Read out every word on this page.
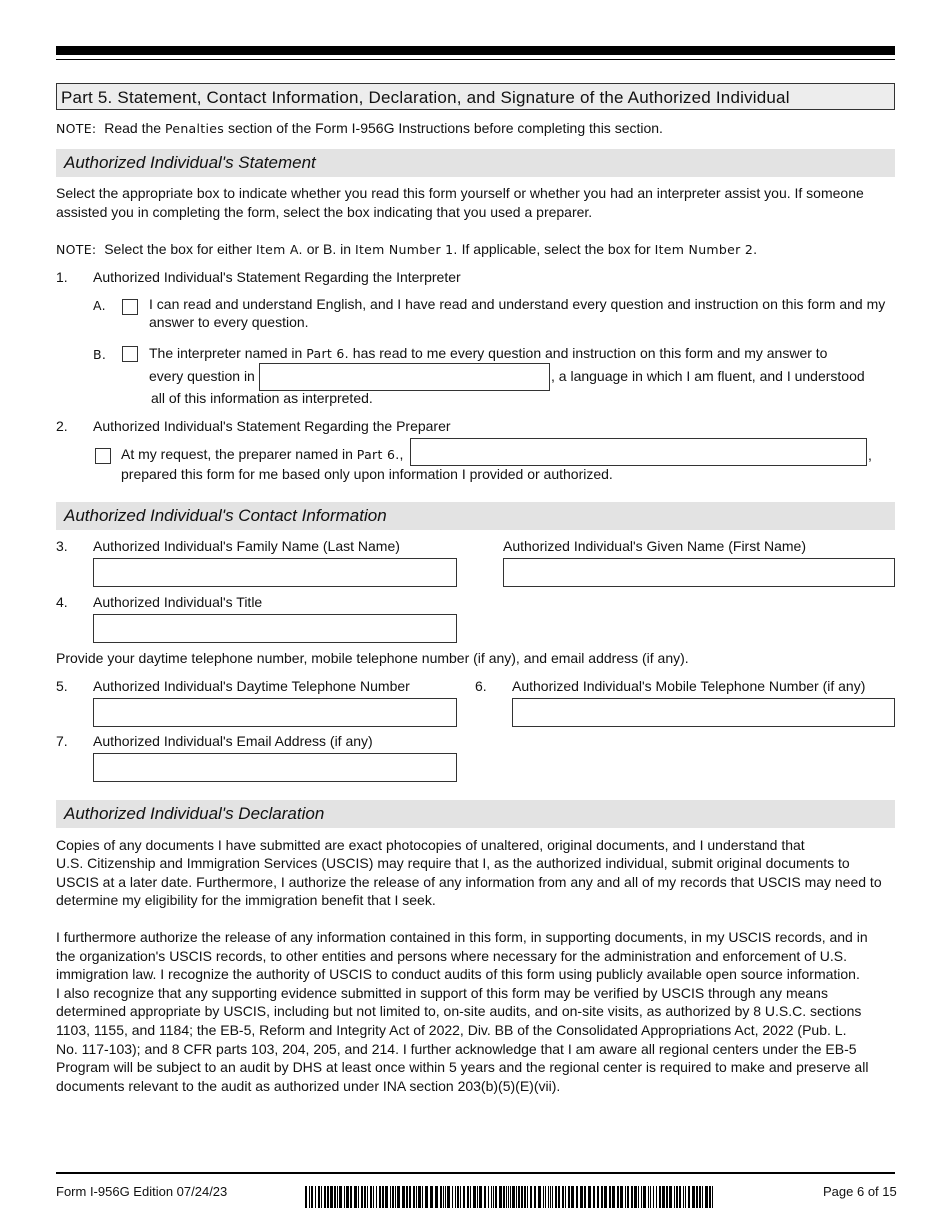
Part 5. Statement, Contact Information, Declaration, and Signature of the Authorized Individual
NOTE: Read the Penalties section of the Form I-956G Instructions before completing this section.
Authorized Individual's Statement
Select the appropriate box to indicate whether you read this form yourself or whether you had an interpreter assist you. If someone
assisted you in completing the form, select the box indicating that you used a preparer.
NOTE: Select the box for either Item A. or B. in Item Number 1. If applicable, select the box for Item Number 2.
1. Authorized Individual's Statement Regarding the Interpreter
A.	I can read and understand English, and I have read and understand every question and instruction on this form and my
answer to every question.
B.	The interpreter named in Part 6. has read to me every question and instruction on this form and my answer to
every question in	, a language in which I am fluent, and I understood
all of this information as interpreted.
2. Authorized Individual's Statement Regarding the Preparer
At my request, the preparer named in Part 6.,	,
prepared this form for me based only upon information I provided or authorized.
Authorized Individual's Contact Information
3. Authorized Individual's Family Name (Last Name)	Authorized Individual's Given Name (First Name)
4. Authorized Individual's Title
Provide your daytime telephone number, mobile telephone number (if any), and email address (if any).
5. Authorized Individual's Daytime Telephone Number	6. Authorized Individual's Mobile Telephone Number (if any)
7. Authorized Individual's Email Address (if any)
Authorized Individual's Declaration
Copies of any documents I have submitted are exact photocopies of unaltered, original documents, and I understand that
U.S. Citizenship and Immigration Services (USCIS) may require that I, as the authorized individual, submit original documents to
USCIS at a later date. Furthermore, I authorize the release of any information from any and all of my records that USCIS may need to
determine my eligibility for the immigration benefit that I seek.
I furthermore authorize the release of any information contained in this form, in supporting documents, in my USCIS records, and in
the organization's USCIS records, to other entities and persons where necessary for the administration and enforcement of U.S.
immigration law. I recognize the authority of USCIS to conduct audits of this form using publicly available open source information.
I also recognize that any supporting evidence submitted in support of this form may be verified by USCIS through any means
determined appropriate by USCIS, including but not limited to, on-site audits, and on-site visits, as authorized by 8 U.S.C. sections
1103, 1155, and 1184; the EB-5, Reform and Integrity Act of 2022, Div. BB of the Consolidated Appropriations Act, 2022 (Pub. L.
No. 117-103); and 8 CFR parts 103, 204, 205, and 214. I further acknowledge that I am aware all regional centers under the EB-5
Program will be subject to an audit by DHS at least once within 5 years and the regional center is required to make and preserve all
documents relevant to the audit as authorized under INA section 203(b)(5)(E)(vii).
Form I-956G Edition 07/24/23	Page 6 of 15
